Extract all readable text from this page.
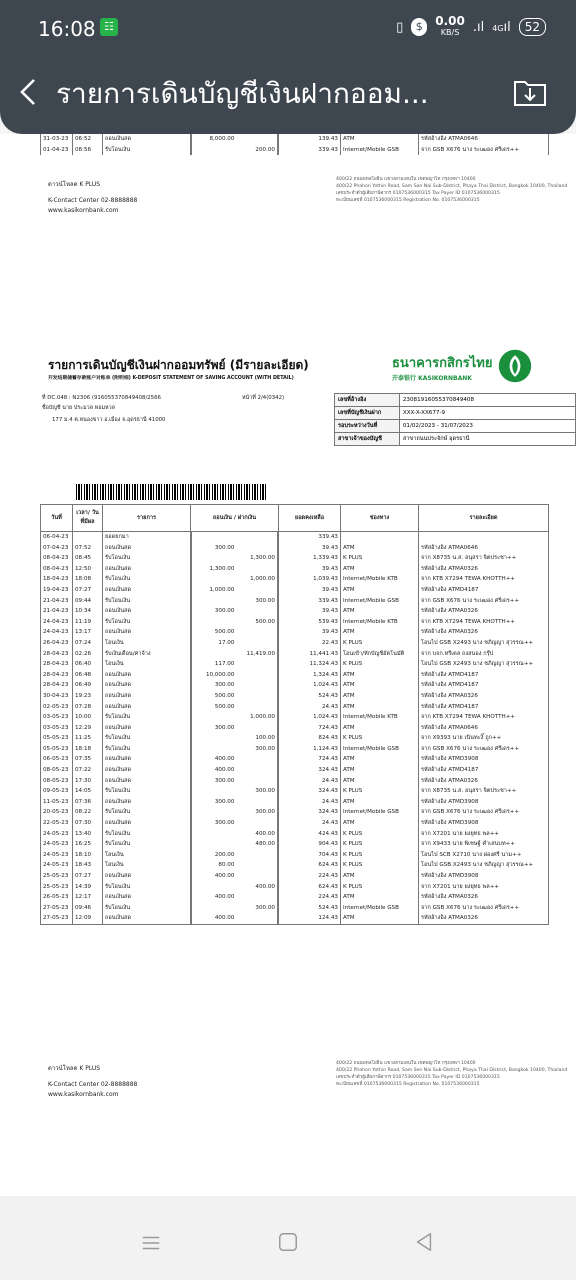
16:08 ☷	▯	$	0.00
KB/S	.ıl 4Gıl	52
รายการเดินบัญชีเงินฝากออม...
31-03-23	06:52	ถอนเงินสด		8,000.00	139.43	ATM	รหัสอ้างอิง ATMA0646
01-04-23	08:56	รับโอนเงิน		200.00	339.43	Internet/Mobile GSB	จาก GSB X676 นาง ระเฒอง ศรีเดร++
ดาวน์โหลด K PLUS
K-Contact Center 02-8888888
www.kasikornbank.com
400/22 ถนนพหลโยธิน แขวงสามเสนใน เขตพญาไท กรุงเทพฯ 10400
400/22 Phahon Yothin Road, Sam Sen Nai Sub-District, Phaya Thai District, Bangkok 10400, Thailand
เลขประจำตัวผู้เสียภาษีอากร 0107536000315 Tax Payer ID 0107536000315
ทะเบียนเลขที่ 0107536000315 Registration No. 0107536000315
รายการเดินบัญชีเงินฝากออมทรัพย์ (มีรายละเอียด)
开发结期储蓄存款账户对账单 (附明细) K-DEPOSIT STATEMENT OF SAVING ACCOUNT (WITH DETAIL)
ธนาคารกสิกรไทย
开泰银行 KASIKORNBANK
ที่ DC.048 : N2306 (916055370849408/2566
ชื่อบัญชี นาย ประมวล หอมหวล
177 ม.4 ต.หนองขาว อ.เมือง จ.อุดรธานี 41000
หน้าที่ 2/4(0342)	เลขที่อ้างอิง	230819160553708494​08
เลขที่บัญชีเงินฝาก	XXX-X-XX677-9
รอบระหว่างวันที่	01/02/2023 - 31/07/2023
สาขาเจ้าของบัญชี	สาขาถนนประจักษ์ อุดรธานี
วันที่	เวลา/ วันที่มีผล	รายการ	ถอนเงิน / ฝากเงิน	ยอดคงเหลือ	ช่องทาง	รายละเอียด
06-04-23		ยอดยกมา	339.43		
07-04-23	07:52	ถอนเงินสด		300.00	39.43	ATM	รหัสอ้างอิง ATMA0646
08-04-23	08:45	รับโอนเงิน		1,300.00	1,339.43	K PLUS	จาก X8735 น.ส. อนุสรา จิตประชา++
08-04-23	12:50	ถอนเงินสด		1,300.00	39.43	ATM	รหัสอ้างอิง ATMA0326
18-04-23	18:08	รับโอนเงิน		1,000.00	1,039.43	Internet/Mobile KTB	จาก KTB X7294 TEWA KHOTTH++
19-04-23	07:27	ถอนเงินสด		1,000.00	39.43	ATM	รหัสอ้างอิง ATMD4187
21-04-23	09:44	รับโอนเงิน		300.00	339.43	Internet/Mobile GSB	จาก GSB X676 นาง ระเฒอง ศรีเดร++
21-04-23	10:34	ถอนเงินสด		300.00	39.43	ATM	รหัสอ้างอิง ATMA0326
24-04-23	11:19	รับโอนเงิน		500.00	539.43	Internet/Mobile KTB	จาก KTB X7294 TEWA KHOTTH++
24-04-23	13:17	ถอนเงินสด		500.00	39.43	ATM	รหัสอ้างอิง ATMA0326
26-04-23	07:24	โอนเงิน		17.00	22.43	K PLUS	โอนไป GSB X2493 นาง ชภิญญา สุวรรณ++
28-04-23	02:26	รับเงินเดือน/ค่าจ้าง		11,419.00	11,441.43	โอนเข้า/หักบัญชีอัตโนมัติ	จาก บจก.ทรีเตล ถงสนอง กรุ๊ป
28-04-23	06:40	โอนเงิน		117.00	11,324.43	K PLUS	โอนไป GSB X2493 นาง ชภิญญา สุวรรณ++
28-04-23	06:48	ถอนเงินสด		10,000.00	1,324.43	ATM	รหัสอ้างอิง ATMD4187
28-04-23	06:49	ถอนเงินสด		300.00	1,024.43	ATM	รหัสอ้างอิง ATMD4187
30-04-23	19:23	ถอนเงินสด		500.00	524.43	ATM	รหัสอ้างอิง ATMA0326
02-05-23	07:28	ถอนเงินสด		500.00	24.43	ATM	รหัสอ้างอิง ATMD4187
03-05-23	10:00	รับโอนเงิน		1,000.00	1,024.43	Internet/Mobile KTB	จาก KTB X7294 TEWA KHOTTH++
03-05-23	12:29	ถอนเงินสด		300.00	724.43	ATM	รหัสอ้างอิง ATMA0646
05-05-23	11:25	รับโอนเงิน		100.00	824.43	K PLUS	จาก X9393 นาย เนินทะงิ๊ ถูก++
05-05-23	18:18	รับโอนเงิน		300.00	1,124.43	Internet/Mobile GSB	จาก GSB X676 นาง ระเฒอง ศรีเดร++
06-05-23	07:35	ถอนเงินสด		400.00	724.43	ATM	รหัสอ้างอิง ATMD3908
08-05-23	07:22	ถอนเงินสด		400.00	324.43	ATM	รหัสอ้างอิง ATMD4187
08-05-23	17:30	ถอนเงินสด		300.00	24.43	ATM	รหัสอ้างอิง ATMA0326
09-05-23	14:05	รับโอนเงิน		300.00	324.43	K PLUS	จาก X8735 น.ส. อนุสรา จิตประชา++
11-05-23	07:36	ถอนเงินสด		300.00	24.43	ATM	รหัสอ้างอิง ATMD3908
20-05-23	08:22	รับโอนเงิน		300.00	324.43	Internet/Mobile GSB	จาก GSB X676 นาง ระเฒอง ศรีเดร++
22-05-23	07:30	ถอนเงินสด		300.00	24.43	ATM	รหัสอ้างอิง ATMD3908
24-05-23	13:40	รับโอนเงิน		400.00	424.43	K PLUS	จาก X7201 นาย ยงยุทธ พล++
24-05-23	16:25	รับโอนเงิน		480.00	904.43	K PLUS	จาก X9433 นาย พิเชษฐ์ คำเสนบท++
24-05-23	18:10	โอนเงิน		200.00	704.43	K PLUS	โอนไป SCB X2710 นาง ผ่องศรี นาม++
24-05-23	18:43	โอนเงิน		80.00	624.43	K PLUS	โอนไป GSB X2493 นาง ชภิญญา สุวรรณ++
25-05-23	07:27	ถอนเงินสด		400.00	224.43	ATM	รหัสอ้างอิง ATMD3908
25-05-23	14:39	รับโอนเงิน		400.00	624.43	K PLUS	จาก X7201 นาย ยงยุทธ พล++
26-05-23	12:17	ถอนเงินสด		400.00	224.43	ATM	รหัสอ้างอิง ATMA0326
27-05-23	09:46	รับโอนเงิน		300.00	524.43	Internet/Mobile GSB	จาก GSB X676 นาง ระเฒอง ศรีเดร++
27-05-23	12:09	ถอนเงินสด		400.00	124.43	ATM	รหัสอ้างอิง ATMA0326
ดาวน์โหลด K PLUS
K-Contact Center 02-8888888
www.kasikornbank.com
400/22 ถนนพหลโยธิน แขวงสามเสนใน เขตพญาไท กรุงเทพฯ 10400
400/22 Phahon Yothin Road, Sam Sen Nai Sub-District, Phaya Thai District, Bangkok 10400, Thailand
เลขประจำตัวผู้เสียภาษีอากร 0107536000315 Tax Payer ID 0107536000315
ทะเบียนเลขที่ 0107536000315 Registration No. 0107536000315
